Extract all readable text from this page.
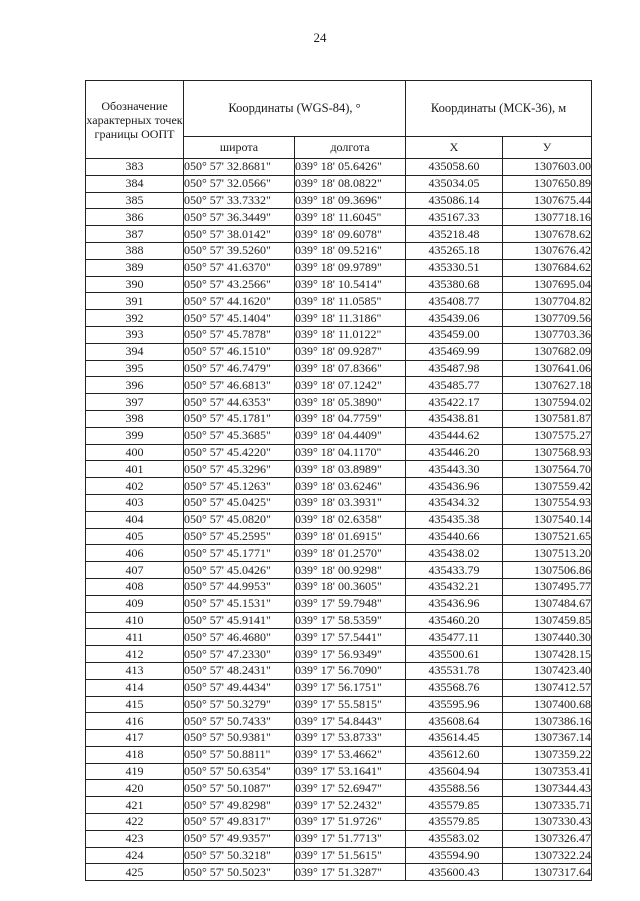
24
Обозначение характерных точек границы ООПТ	Координаты (WGS-84), °		Координаты (МСК-36), м	
	широта	долгота	X	У
383	050° 57' 32.8681"	039° 18' 05.6426"	435058.60	1307603.00
384	050° 57' 32.0566"	039° 18' 08.0822"	435034.05	1307650.89
385	050° 57' 33.7332"	039° 18' 09.3696"	435086.14	1307675.44
386	050° 57' 36.3449"	039° 18' 11.6045"	435167.33	1307718.16
387	050° 57' 38.0142"	039° 18' 09.6078"	435218.48	1307678.62
388	050° 57' 39.5260"	039° 18' 09.5216"	435265.18	1307676.42
389	050° 57' 41.6370"	039° 18' 09.9789"	435330.51	1307684.62
390	050° 57' 43.2566"	039° 18' 10.5414"	435380.68	1307695.04
391	050° 57' 44.1620"	039° 18' 11.0585"	435408.77	1307704.82
392	050° 57' 45.1404"	039° 18' 11.3186"	435439.06	1307709.56
393	050° 57' 45.7878"	039° 18' 11.0122"	435459.00	1307703.36
394	050° 57' 46.1510"	039° 18' 09.9287"	435469.99	1307682.09
395	050° 57' 46.7479"	039° 18' 07.8366"	435487.98	1307641.06
396	050° 57' 46.6813"	039° 18' 07.1242"	435485.77	1307627.18
397	050° 57' 44.6353"	039° 18' 05.3890"	435422.17	1307594.02
398	050° 57' 45.1781"	039° 18' 04.7759"	435438.81	1307581.87
399	050° 57' 45.3685"	039° 18' 04.4409"	435444.62	1307575.27
400	050° 57' 45.4220"	039° 18' 04.1170"	435446.20	1307568.93
401	050° 57' 45.3296"	039° 18' 03.8989"	435443.30	1307564.70
402	050° 57' 45.1263"	039° 18' 03.6246"	435436.96	1307559.42
403	050° 57' 45.0425"	039° 18' 03.3931"	435434.32	1307554.93
404	050° 57' 45.0820"	039° 18' 02.6358"	435435.38	1307540.14
405	050° 57' 45.2595"	039° 18' 01.6915"	435440.66	1307521.65
406	050° 57' 45.1771"	039° 18' 01.2570"	435438.02	1307513.20
407	050° 57' 45.0426"	039° 18' 00.9298"	435433.79	1307506.86
408	050° 57' 44.9953"	039° 18' 00.3605"	435432.21	1307495.77
409	050° 57' 45.1531"	039° 17' 59.7948"	435436.96	1307484.67
410	050° 57' 45.9141"	039° 17' 58.5359"	435460.20	1307459.85
411	050° 57' 46.4680"	039° 17' 57.5441"	435477.11	1307440.30
412	050° 57' 47.2330"	039° 17' 56.9349"	435500.61	1307428.15
413	050° 57' 48.2431"	039° 17' 56.7090"	435531.78	1307423.40
414	050° 57' 49.4434"	039° 17' 56.1751"	435568.76	1307412.57
415	050° 57' 50.3279"	039° 17' 55.5815"	435595.96	1307400.68
416	050° 57' 50.7433"	039° 17' 54.8443"	435608.64	1307386.16
417	050° 57' 50.9381"	039° 17' 53.8733"	435614.45	1307367.14
418	050° 57' 50.8811"	039° 17' 53.4662"	435612.60	1307359.22
419	050° 57' 50.6354"	039° 17' 53.1641"	435604.94	1307353.41
420	050° 57' 50.1087"	039° 17' 52.6947"	435588.56	1307344.43
421	050° 57' 49.8298"	039° 17' 52.2432"	435579.85	1307335.71
422	050° 57' 49.8317"	039° 17' 51.9726"	435579.85	1307330.43
423	050° 57' 49.9357"	039° 17' 51.7713"	435583.02	1307326.47
424	050° 57' 50.3218"	039° 17' 51.5615"	435594.90	1307322.24
425	050° 57' 50.5023"	039° 17' 51.3287"	435600.43	1307317.64
